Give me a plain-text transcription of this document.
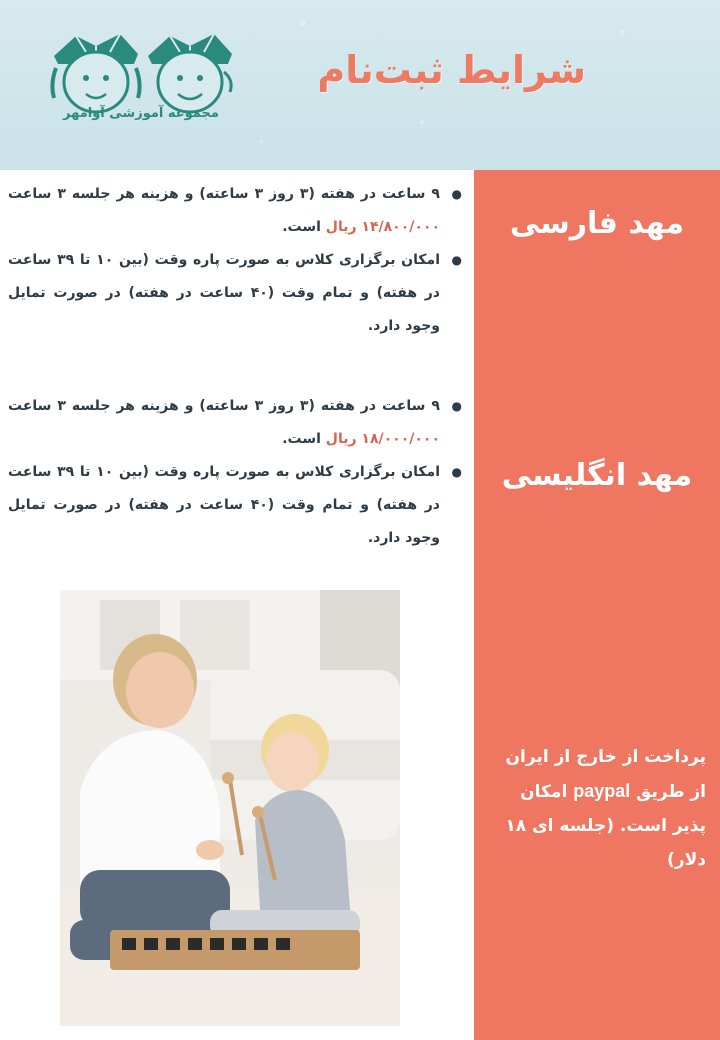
مجموعه آموزشی آوامهر
شرایط ثبت‌نام
مهد فارسی
مهد انگلیسی
پرداخت از خارج از ایران از طریق paypal امکان پذیر است. (جلسه ای ۱۸ دلار)
●
۹ ساعت در هفته (۳ روز ۳ ساعته) و هزینه هر جلسه ۳ ساعت ۱۴/۸۰۰/۰۰۰ ریال است.
●
امکان برگزاری کلاس به صورت پاره وقت (بین ۱۰ تا ۳۹ ساعت در هفته) و تمام وقت (۴۰ ساعت در هفته) در صورت تمایل وجود دارد.
●
۹ ساعت در هفته (۳ روز ۳ ساعته) و هزینه هر جلسه ۳ ساعت ۱۸/۰۰۰/۰۰۰ ریال است.
●
امکان برگزاری کلاس به صورت پاره وقت (بین ۱۰ تا ۳۹ ساعت در هفته) و تمام وقت (۴۰ ساعت در هفته) در صورت تمایل وجود دارد.
